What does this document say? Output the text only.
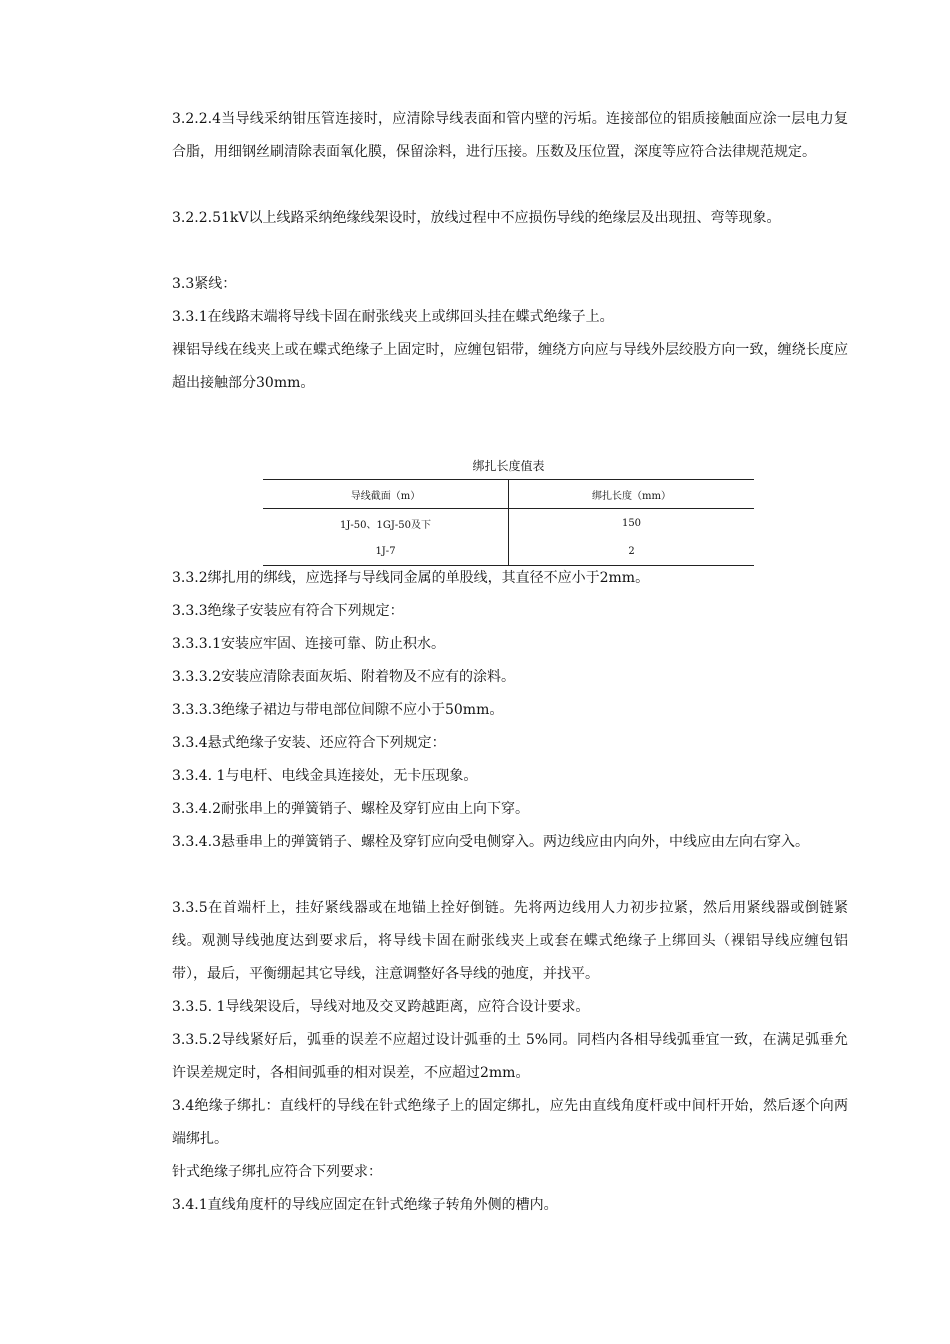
3.2.2.4当导线采纳钳压管连接时，应清除导线表面和管内壁的污垢。连接部位的铝质接触面应涂一层电力复合脂，用细钢丝刷清除表面氧化膜，保留涂料，进行压接。压数及压位置，深度等应符合法律规范规定。
3.2.2.51kV以上线路采纳绝缘线架设时，放线过程中不应损伤导线的绝缘层及出现扭、弯等现象。
3.3紧线：
3.3.1在线路末端将导线卡固在耐张线夹上或绑回头挂在蝶式绝缘子上。
裸铝导线在线夹上或在蝶式绝缘子上固定时，应缠包铝带，缠绕方向应与导线外层绞股方向一致，缠绕长度应超出接触部分30mm。
绑扎长度值表
导线截面（m）	绑扎长度（mm）
1J-50、1GJ-50及下	150
1J-7	2
3.3.2绑扎用的绑线，应选择与导线同金属的单股线，其直径不应小于2mm。
3.3.3绝缘子安装应有符合下列规定：
3.3.3.1安装应牢固、连接可靠、防止积水。
3.3.3.2安装应清除表面灰垢、附着物及不应有的涂料。
3.3.3.3绝缘子裙边与带电部位间隙不应小于50mm。
3.3.4悬式绝缘子安装、还应符合下列规定：
3.3.4. 1与电杆、电线金具连接处，无卡压现象。
3.3.4.2耐张串上的弹簧销子、螺栓及穿钉应由上向下穿。
3.3.4.3悬垂串上的弹簧销子、螺栓及穿钉应向受电侧穿入。两边线应由内向外，中线应由左向右穿入。
3.3.5在首端杆上，挂好紧线器或在地锚上拴好倒链。先将两边线用人力初步拉紧，然后用紧线器或倒链紧线。观测导线弛度达到要求后，将导线卡固在耐张线夹上或套在蝶式绝缘子上绑回头（裸铝导线应缠包铝带），最后，平衡绷起其它导线，注意调整好各导线的弛度，并找平。
3.3.5. 1导线架设后，导线对地及交叉跨越距离，应符合设计要求。
3.3.5.2导线紧好后，弧垂的误差不应超过设计弧垂的土 5%同。同档内各相导线弧垂宜一致，在满足弧垂允许误差规定时，各相间弧垂的相对误差，不应超过2mm。
3.4绝缘子绑扎：直线杆的导线在针式绝缘子上的固定绑扎，应先由直线角度杆或中间杆开始，然后逐个向两端绑扎。
针式绝缘子绑扎应符合下列要求：
3.4.1直线角度杆的导线应固定在针式绝缘子转角外侧的槽内。
